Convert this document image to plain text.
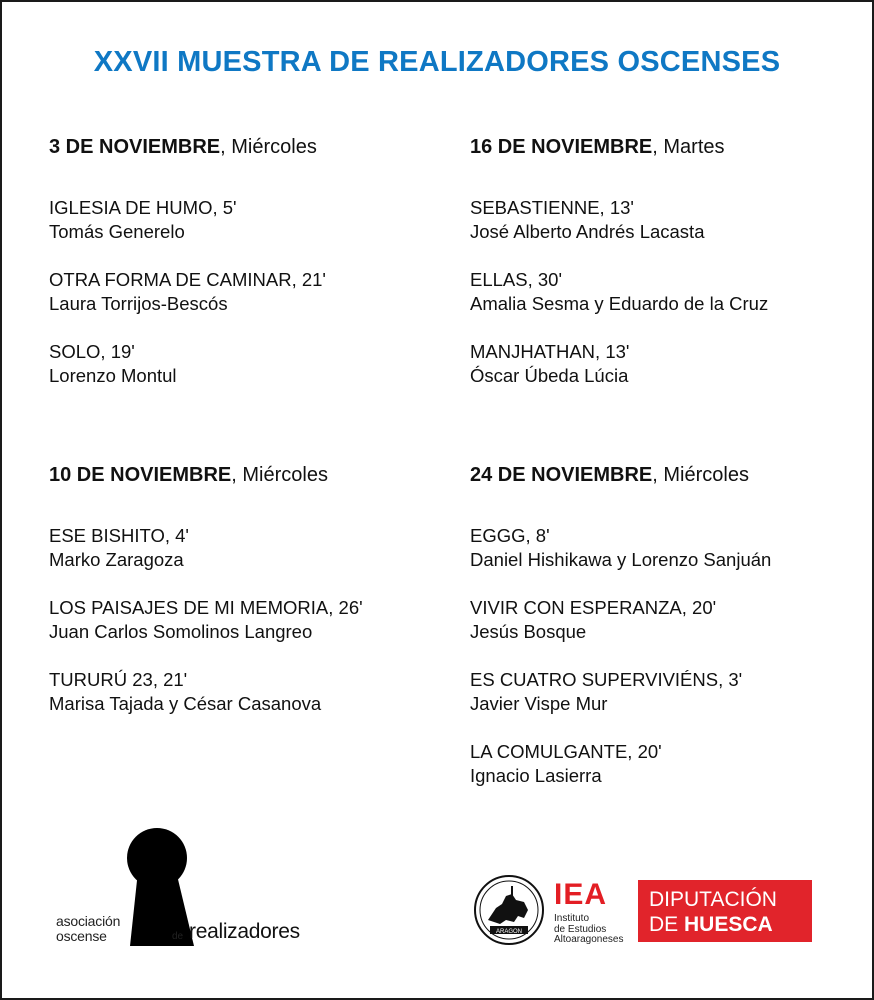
XXVII MUESTRA DE REALIZADORES OSCENSES
3 DE NOVIEMBRE, Miércoles
IGLESIA DE HUMO, 5'
Tomás Generelo
OTRA FORMA DE CAMINAR, 21'
Laura Torrijos-Bescós
SOLO, 19'
Lorenzo Montul
16 DE NOVIEMBRE, Martes
SEBASTIENNE, 13'
José Alberto Andrés Lacasta
ELLAS, 30'
Amalia Sesma y Eduardo de la Cruz
MANJHATHAN, 13'
Óscar Úbeda Lúcia
10 DE NOVIEMBRE, Miércoles
ESE BISHITO, 4'
Marko Zaragoza
LOS PAISAJES DE MI MEMORIA, 26'
Juan Carlos Somolinos Langreo
TURURÚ 23, 21'
Marisa Tajada y César Casanova
24 DE NOVIEMBRE, Miércoles
EGGG, 8'
Daniel Hishikawa y Lorenzo Sanjuán
VIVIR CON ESPERANZA, 20'
Jesús Bosque
ES CUATRO SUPERVIVIÉNS, 3'
Javier Vispe Mur
LA COMULGANTE, 20'
Ignacio Lasierra
asociación
oscense	de realizadores	ARAGON
IEA
Instituto
de Estudios
Altoaragoneses
DIPUTACIÓN
DE HUESCA
